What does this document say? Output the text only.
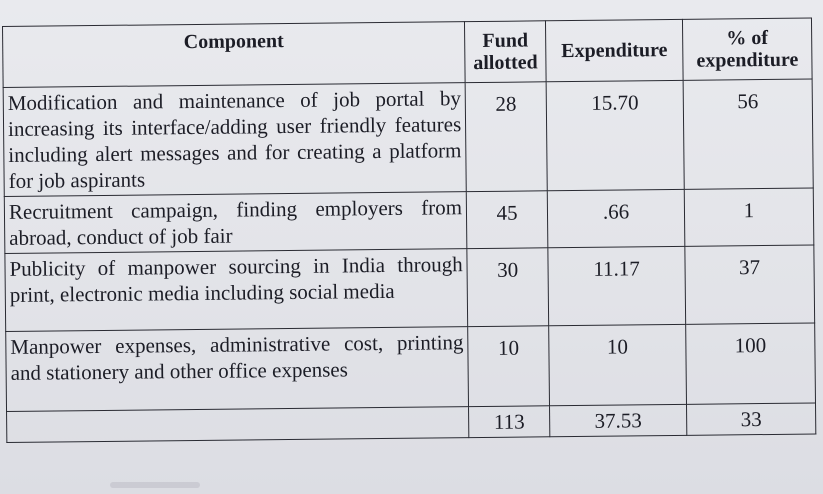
Component	Fund allotted	Expenditure	% of expenditure
Modification and maintenance of job portal by increasing its interface/adding user friendly features including alert messages and for creating a platform for job aspirants	28	15.70	56
Recruitment campaign, finding employers from abroad, conduct of job fair	45	.66	1
Publicity of manpower sourcing in India through print, electronic media including social media	30	11.17	37
Manpower expenses, administrative cost, printing and stationery and other office expenses	10	10	100
	113	37.53	33
